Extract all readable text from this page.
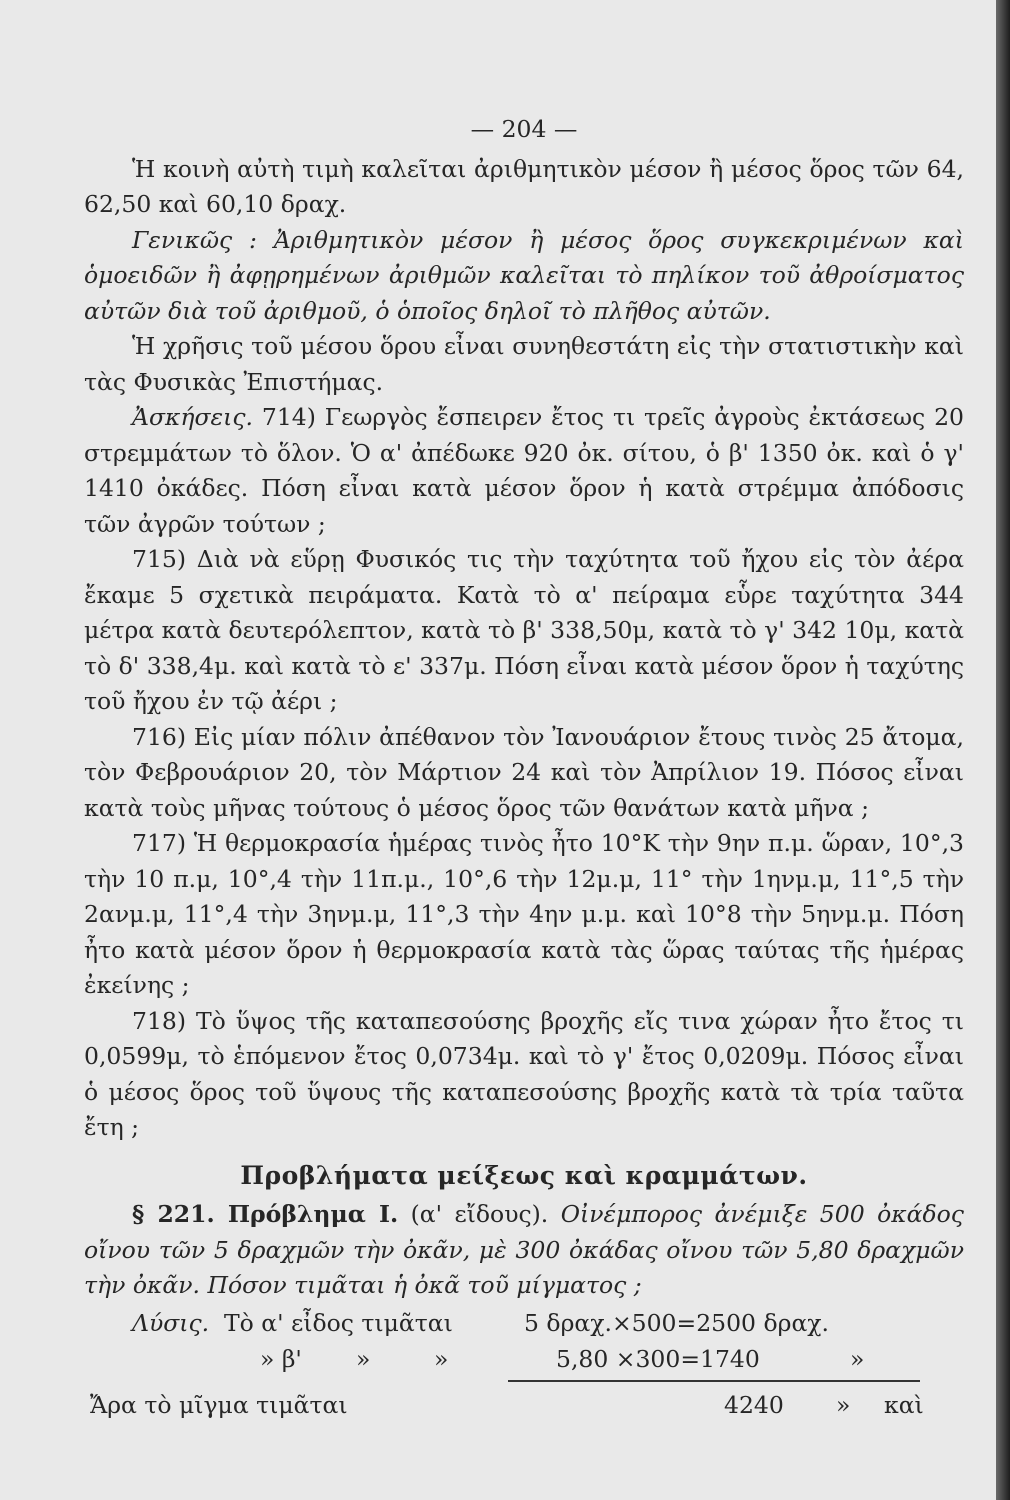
— 204 —

Ἡ κοινὴ αὐτὴ τιμὴ καλεῖται ἀριθμητικὸν μέσον ἢ μέσος ὅρος τῶν 64, 62,50 καὶ 60,10 δραχ.

Γενικῶς : Ἀριθμητικὸν μέσον ἢ μέσος ὅρος συγκεκριμένων καὶ ὁμοειδῶν ἢ ἀφῃρημένων ἀριθμῶν καλεῖται τὸ πηλίκον τοῦ ἀθροίσματος αὐτῶν διὰ τοῦ ἀριθμοῦ, ὁ ὁποῖος δηλοῖ τὸ πλῆθος αὐτῶν.

Ἡ χρῆσις τοῦ μέσου ὅρου εἶναι συνηθεστάτη εἰς τὴν στατιστικὴν καὶ τὰς Φυσικὰς Ἐπιστήμας.

Ἀσκήσεις. 714) Γεωργὸς ἔσπειρεν ἔτος τι τρεῖς ἀγροὺς ἐκτάσεως 20 στρεμμάτων τὸ ὅλον. Ὁ α' ἀπέδωκε 920 ὀκ. σίτου, ὁ β' 1350 ὀκ. καὶ ὁ γ' 1410 ὀκάδες. Πόση εἶναι κατὰ μέσον ὅρον ἡ κατὰ στρέμμα ἀπόδοσις τῶν ἀγρῶν τούτων ;

715) Διὰ νὰ εὕρῃ Φυσικός τις τὴν ταχύτητα τοῦ ἤχου εἰς τὸν ἀέρα ἔκαμε 5 σχετικὰ πειράματα. Κατὰ τὸ α' πείραμα εὗρε ταχύτητα 344 μέτρα κατὰ δευτερόλεπτον, κατὰ τὸ β' 338,50μ, κατὰ τὸ γ' 342 10μ, κατὰ τὸ δ' 338,4μ. καὶ κατὰ τὸ ε' 337μ. Πόση εἶναι κατὰ μέσον ὅρον ἡ ταχύτης τοῦ ἤχου ἐν τῷ ἀέρι ;

716) Εἰς μίαν πόλιν ἀπέθανον τὸν Ἰανουάριον ἔτους τινὸς 25 ἄτομα, τὸν Φεβρουάριον 20, τὸν Μάρτιον 24 καὶ τὸν Ἀπρίλιον 19. Πόσος εἶναι κατὰ τοὺς μῆνας τούτους ὁ μέσος ὅρος τῶν θανάτων κατὰ μῆνα ;

717) Ἡ θερμοκρασία ἡμέρας τινὸς ἦτο 10°Κ τὴν 9ην π.μ. ὥραν, 10°,3 τὴν 10 π.μ, 10°,4 τὴν 11π.μ., 10°,6 τὴν 12μ.μ, 11° τὴν 1ηνμ.μ, 11°,5 τὴν 2ανμ.μ, 11°,4 τὴν 3ηνμ.μ, 11°,3 τὴν 4ην μ.μ. καὶ 10°8 τὴν 5ηνμ.μ. Πόση ἦτο κατὰ μέσον ὅρον ἡ θερμοκρασία κατὰ τὰς ὥρας ταύτας τῆς ἡμέρας ἐκείνης ;

718) Τὸ ὕψος τῆς καταπεσούσης βροχῆς εἴς τινα χώραν ἦτο ἔτος τι 0,0599μ, τὸ ἑπόμενον ἔτος 0,0734μ. καὶ τὸ γ' ἔτος 0,0209μ. Πόσος εἶναι ὁ μέσος ὅρος τοῦ ὕψους τῆς καταπεσούσης βροχῆς κατὰ τὰ τρία ταῦτα ἔτη ;

Προβλήματα μείξεως καὶ κραμμάτων.

§ 221. Πρόβλημα Ι. (α' εἴδους). Οἰνέμπορος ἀνέμιξε 500 ὀκάδος οἴνου τῶν 5 δραχμῶν τὴν ὀκᾶν, μὲ 300 ὀκάδας οἴνου τῶν 5,80 δραχμῶν τὴν ὀκᾶν. Πόσον τιμᾶται ἡ ὀκᾶ τοῦ μίγματος ;

Λύσις. Τὸ α' εἶδος τιμᾶται	5 δραχ.×500=2500 δραχ.
» β' »	»	5,80 ×300=1740	»
Ἄρα τὸ μῖγμα τιμᾶται	4240 » καὶ
